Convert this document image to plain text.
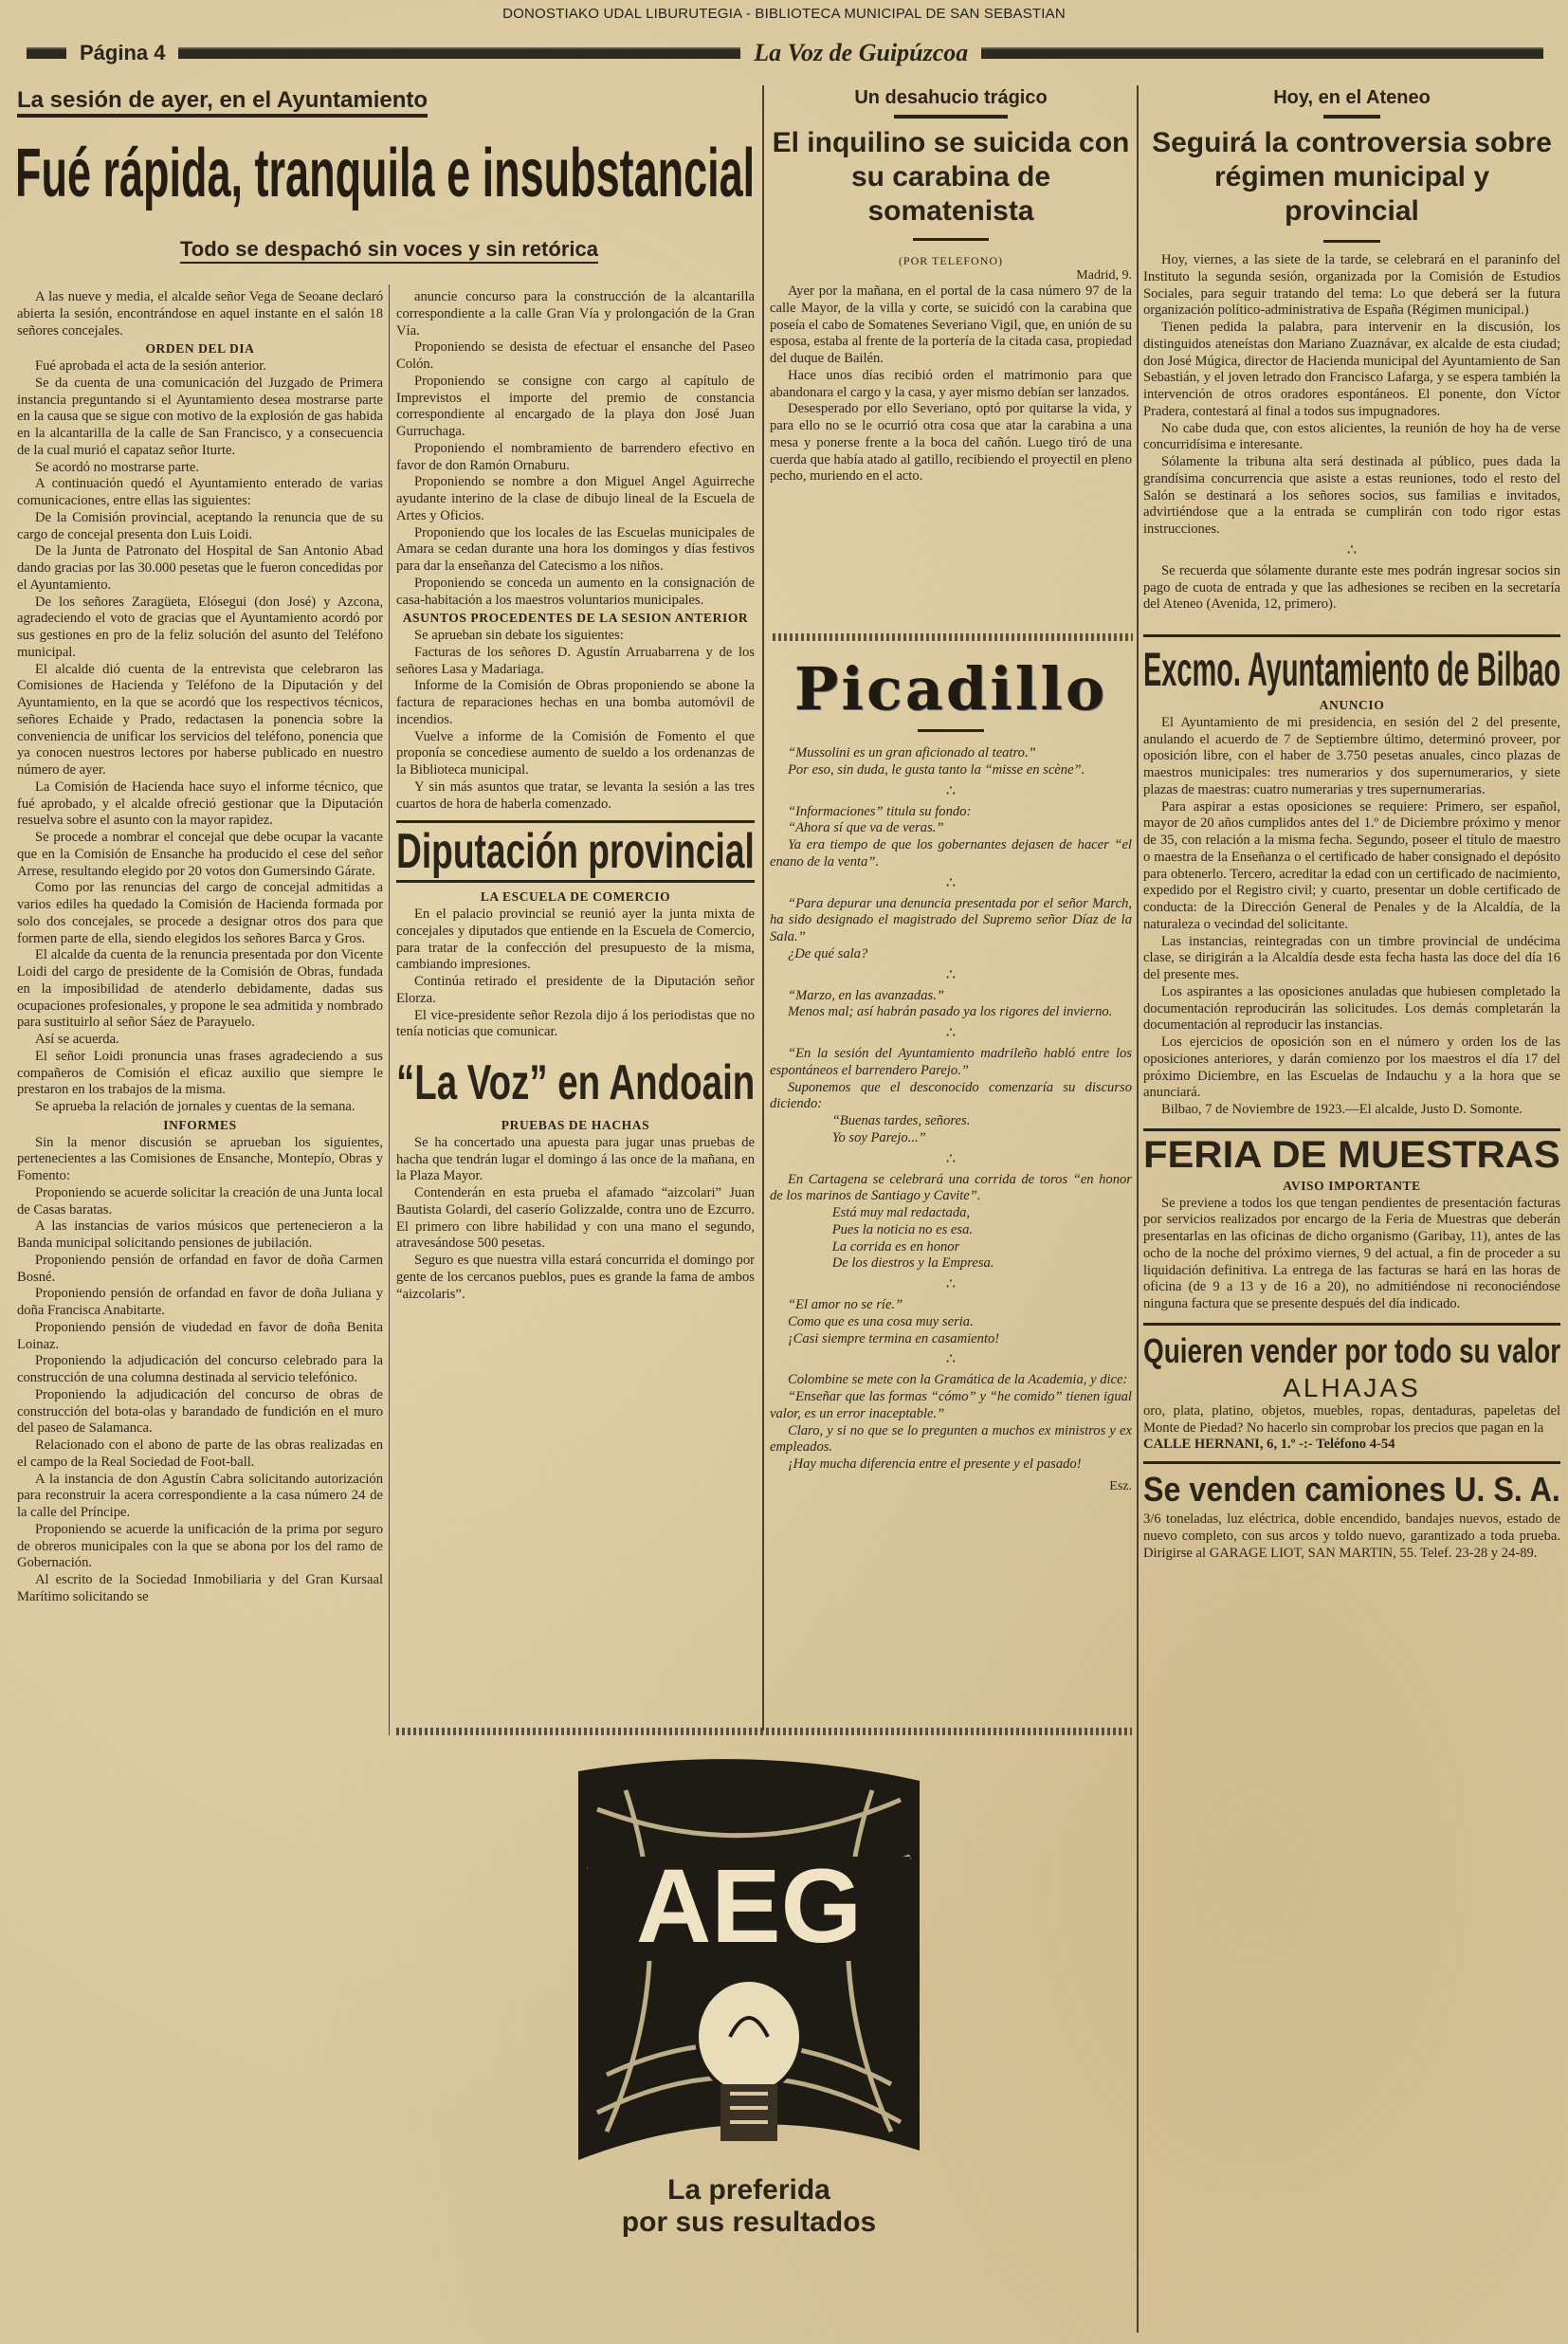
DONOSTIAKO UDAL LIBURUTEGIA - BIBLIOTECA MUNICIPAL DE SAN SEBASTIAN
Página 4	La Voz de Guipúzcoa
La sesión de ayer, en el Ayuntamiento
Fué rápida, tranquila e insubstancial
Todo se despachó sin voces y sin retórica

A las nueve y media, el alcalde señor Vega de Seoane declaró abierta la sesión, encontrándose en aquel instante en el salón 18 señores concejales.

ORDEN DEL DIA

Fué aprobada el acta de la sesión anterior.

Se da cuenta de una comunicación del Juzgado de Primera instancia preguntando si el Ayuntamiento desea mostrarse parte en la causa que se sigue con motivo de la explosión de gas habida en la alcantarilla de la calle de San Francisco, y a consecuencia de la cual murió el capataz señor Iturte.

Se acordó no mostrarse parte.

A continuación quedó el Ayuntamiento enterado de varias comunicaciones, entre ellas las siguientes:

De la Comisión provincial, aceptando la renuncia que de su cargo de concejal presenta don Luis Loidi.

De la Junta de Patronato del Hospital de San Antonio Abad dando gracias por las 30.000 pesetas que le fueron concedidas por el Ayuntamiento.

De los señores Zaragüeta, Elósegui (don José) y Azcona, agradeciendo el voto de gracias que el Ayuntamiento acordó por sus gestiones en pro de la feliz solución del asunto del Teléfono municipal.

El alcalde dió cuenta de la entrevista que celebraron las Comisiones de Hacienda y Teléfono de la Diputación y del Ayuntamiento, en la que se acordó que los respectivos técnicos, señores Echaide y Prado, redactasen la ponencia sobre la conveniencia de unificar los servicios del teléfono, ponencia que ya conocen nuestros lectores por haberse publicado en nuestro número de ayer.

La Comisión de Hacienda hace suyo el informe técnico, que fué aprobado, y el alcalde ofreció gestionar que la Diputación resuelva sobre el asunto con la mayor rapidez.

Se procede a nombrar el concejal que debe ocupar la vacante que en la Comisión de Ensanche ha producido el cese del señor Arrese, resultando elegido por 20 votos don Gumersindo Gárate.

Como por las renuncias del cargo de concejal admitidas a varios ediles ha quedado la Comisión de Hacienda formada por solo dos concejales, se procede a designar otros dos para que formen parte de ella, siendo elegidos los señores Barca y Gros.

El alcalde da cuenta de la renuncia presentada por don Vicente Loidi del cargo de presidente de la Comisión de Obras, fundada en la imposibilidad de atenderlo debidamente, dadas sus ocupaciones profesionales, y propone le sea admitida y nombrado para sustituirlo al señor Sáez de Parayuelo.

Así se acuerda.

El señor Loidi pronuncia unas frases agradeciendo a sus compañeros de Comisión el eficaz auxilio que siempre le prestaron en los trabajos de la misma.

Se aprueba la relación de jornales y cuentas de la semana.

INFORMES

Sin la menor discusión se aprueban los siguientes, pertenecientes a las Comisiones de Ensanche, Montepío, Obras y Fomento:

Proponiendo se acuerde solicitar la creación de una Junta local de Casas baratas.

A las instancias de varios músicos que pertenecieron a la Banda municipal solicitando pensiones de jubilación.

Proponiendo pensión de orfandad en favor de doña Carmen Bosné.

Proponiendo pensión de orfandad en favor de doña Juliana y doña Francisca Anabitarte.

Proponiendo pensión de viudedad en favor de doña Benita Loinaz.

Proponiendo la adjudicación del concurso celebrado para la construcción de una columna destinada al servicio telefónico.

Proponiendo la adjudicación del concurso de obras de construcción del bota-olas y barandado de fundición en el muro del paseo de Salamanca.

Relacionado con el abono de parte de las obras realizadas en el campo de la Real Sociedad de Foot-ball.

A la instancia de don Agustín Cabra solicitando autorización para reconstruir la acera correspondiente a la casa número 24 de la calle del Príncipe.

Proponiendo se acuerde la unificación de la prima por seguro de obreros municipales con la que se abona por los del ramo de Gobernación.

Al escrito de la Sociedad Inmobiliaria y del Gran Kursaal Marítimo solicitando se

anuncie concurso para la construcción de la alcantarilla correspondiente a la calle Gran Vía y prolongación de la Gran Vía.

Proponiendo se desista de efectuar el ensanche del Paseo Colón.

Proponiendo se consigne con cargo al capítulo de Imprevistos el importe del premio de constancia correspondiente al encargado de la playa don José Juan Gurruchaga.

Proponiendo el nombramiento de barrendero efectivo en favor de don Ramón Ornaburu.

Proponiendo se nombre a don Miguel Angel Aguirreche ayudante interino de la clase de dibujo lineal de la Escuela de Artes y Oficios.

Proponiendo que los locales de las Escuelas municipales de Amara se cedan durante una hora los domingos y días festivos para dar la enseñanza del Catecismo a los niños.

Proponiendo se conceda un aumento en la consignación de casa-habitación a los maestros voluntarios municipales.

ASUNTOS PROCEDENTES DE LA SESION ANTERIOR

Se aprueban sin debate los siguientes:

Facturas de los señores D. Agustín Arruabarrena y de los señores Lasa y Madariaga.

Informe de la Comisión de Obras proponiendo se abone la factura de reparaciones hechas en una bomba automóvil de incendios.

Vuelve a informe de la Comisión de Fomento el que proponía se concediese aumento de sueldo a los ordenanzas de la Biblioteca municipal.

Y sin más asuntos que tratar, se levanta la sesión a las tres cuartos de hora de haberla comenzado.

Diputación provincial
LA ESCUELA DE COMERCIO

En el palacio provincial se reunió ayer la junta mixta de concejales y diputados que entiende en la Escuela de Comercio, para tratar de la confección del presupuesto de la misma, cambiando impresiones.

Continúa retirado el presidente de la Diputación señor Elorza.

El vice-presidente señor Rezola dijo á los periodistas que no tenía noticias que comunicar.

“La Voz” en Andoain
PRUEBAS DE HACHAS

Se ha concertado una apuesta para jugar unas pruebas de hacha que tendrán lugar el domingo á las once de la mañana, en la Plaza Mayor.

Contenderán en esta prueba el afamado “aizcolari” Juan Bautista Golardi, del caserío Golizzalde, contra uno de Ezcurro. El primero con libre habilidad y con una mano el segundo, atravesándose 500 pesetas.

Seguro es que nuestra villa estará concurrida el domingo por gente de los cercanos pueblos, pues es grande la fama de ambos “aizcolaris”.

Un desahucio trágico
El inquilino se suicida con su carabina de somatenista
(POR TELEFONO)
Madrid, 9.

Ayer por la mañana, en el portal de la casa número 97 de la calle Mayor, de la villa y corte, se suicidó con la carabina que poseía el cabo de Somatenes Severiano Vigil, que, en unión de su esposa, estaba al frente de la portería de la citada casa, propiedad del duque de Bailén.

Hace unos días recibió orden el matrimonio para que abandonara el cargo y la casa, y ayer mismo debían ser lanzados.

Desesperado por ello Severiano, optó por quitarse la vida, y para ello no se le ocurrió otra cosa que atar la carabina a una mesa y ponerse frente a la boca del cañón. Luego tiró de una cuerda que había atado al gatillo, recibiendo el proyectil en pleno pecho, muriendo en el acto.

Picadillo

“Mussolini es un gran aficionado al teatro.”

Por eso, sin duda, le gusta tanto la “misse en scène”.

∴

“Informaciones” titula su fondo:

“Ahora sí que va de veras.”

Ya era tiempo de que los gobernantes dejasen de hacer “el enano de la venta”.

∴

“Para depurar una denuncia presentada por el señor March, ha sido designado el magistrado del Supremo señor Díaz de la Sala.”

¿De qué sala?

∴

“Marzo, en las avanzadas.”

Menos mal; así habrán pasado ya los rigores del invierno.

∴

“En la sesión del Ayuntamiento madrileño habló entre los espontáneos el barrendero Parejo.”

Suponemos que el desconocido comenzaría su discurso diciendo:

“Buenas tardes, señores.

Yo soy Parejo...”

∴

En Cartagena se celebrará una corrida de toros “en honor de los marinos de Santiago y Cavite”.

Está muy mal redactada,

Pues la noticia no es esa.

La corrida es en honor

De los diestros y la Empresa.

∴

“El amor no se ríe.”

Como que es una cosa muy seria.

¡Casi siempre termina en casamiento!

∴

Colombine se mete con la Gramática de la Academia, y dice:

“Enseñar que las formas “cómo” y “he comido” tienen igual valor, es un error inaceptable.”

Claro, y si no que se lo pregunten a muchos ex ministros y ex empleados.

¡Hay mucha diferencia entre el presente y el pasado!

Esz.
AEG
La preferida
por sus resultados
Hoy, en el Ateneo
Seguirá la controversia sobre régimen municipal y provincial

Hoy, viernes, a las siete de la tarde, se celebrará en el paraninfo del Instituto la segunda sesión, organizada por la Comisión de Estudios Sociales, para seguir tratando del tema: Lo que deberá ser la futura organización político-administrativa de España (Régimen municipal.)

Tienen pedida la palabra, para intervenir en la discusión, los distinguidos ateneístas don Mariano Zuaznávar, ex alcalde de esta ciudad; don José Múgica, director de Hacienda municipal del Ayuntamiento de San Sebastián, y el joven letrado don Francisco Lafarga, y se espera también la intervención de otros oradores espontáneos. El ponente, don Víctor Pradera, contestará al final a todos sus impugnadores.

No cabe duda que, con estos alicientes, la reunión de hoy ha de verse concurridísima e interesante.

Sólamente la tribuna alta será destinada al público, pues dada la grandísima concurrencia que asiste a estas reuniones, todo el resto del Salón se destinará a los señores socios, sus familias e invitados, advirtiéndose que a la entrada se cumplirán con todo rigor estas instrucciones.

∴

Se recuerda que sólamente durante este mes podrán ingresar socios sin pago de cuota de entrada y que las adhesiones se reciben en la secretaría del Ateneo (Avenida, 12, primero).

Excmo. Ayuntamiento de Bilbao
ANUNCIO

El Ayuntamiento de mi presidencia, en sesión del 2 del presente, anulando el acuerdo de 7 de Septiembre último, determinó proveer, por oposición libre, con el haber de 3.750 pesetas anuales, cinco plazas de maestros municipales: tres numerarios y dos supernumerarios, y siete plazas de maestras: cuatro numerarias y tres supernumerarias.

Para aspirar a estas oposiciones se requiere: Primero, ser español, mayor de 20 años cumplidos antes del 1.º de Diciembre próximo y menor de 35, con relación a la misma fecha. Segundo, poseer el título de maestro o maestra de la Enseñanza o el certificado de haber consignado el depósito para obtenerlo. Tercero, acreditar la edad con un certificado de nacimiento, expedido por el Registro civil; y cuarto, presentar un doble certificado de conducta: de la Dirección General de Penales y de la Alcaldía, de la naturaleza o vecindad del solicitante.

Las instancias, reintegradas con un timbre provincial de undécima clase, se dirigirán a la Alcaldía desde esta fecha hasta las doce del día 16 del presente mes.

Los aspirantes a las oposiciones anuladas que hubiesen completado la documentación reproducirán las solicitudes. Los demás completarán la documentación al reproducir las instancias.

Los ejercicios de oposición son en el número y orden los de las oposiciones anteriores, y darán comienzo por los maestros el día 17 del próximo Diciembre, en las Escuelas de Indauchu y a la hora que se anunciará.

Bilbao, 7 de Noviembre de 1923.—El alcalde, Justo D. Somonte.

FERIA DE MUESTRAS
AVISO IMPORTANTE

Se previene a todos los que tengan pendientes de presentación facturas por servicios realizados por encargo de la Feria de Muestras que deberán presentarlas en las oficinas de dicho organismo (Garibay, 11), antes de las ocho de la noche del próximo viernes, 9 del actual, a fin de proceder a su liquidación definitiva. La entrega de las facturas se hará en las horas de oficina (de 9 a 13 y de 16 a 20), no admitiéndose ni reconociéndose ninguna factura que se presente después del día indicado.

Quieren vender por todo su valor
ALHAJAS

oro, plata, platino, objetos, muebles, ropas, dentaduras, papeletas del Monte de Piedad? No hacerlo sin comprobar los precios que pagan en la

CALLE HERNANI, 6, 1.º -:- Teléfono 4-54

Se venden camiones U. S. A.

3/6 toneladas, luz eléctrica, doble encendido, bandajes nuevos, estado de nuevo completo, con sus arcos y toldo nuevo, garantizado a toda prueba. Dirigirse al GARAGE LIOT, SAN MARTIN, 55. Telef. 23-28 y 24-89.
